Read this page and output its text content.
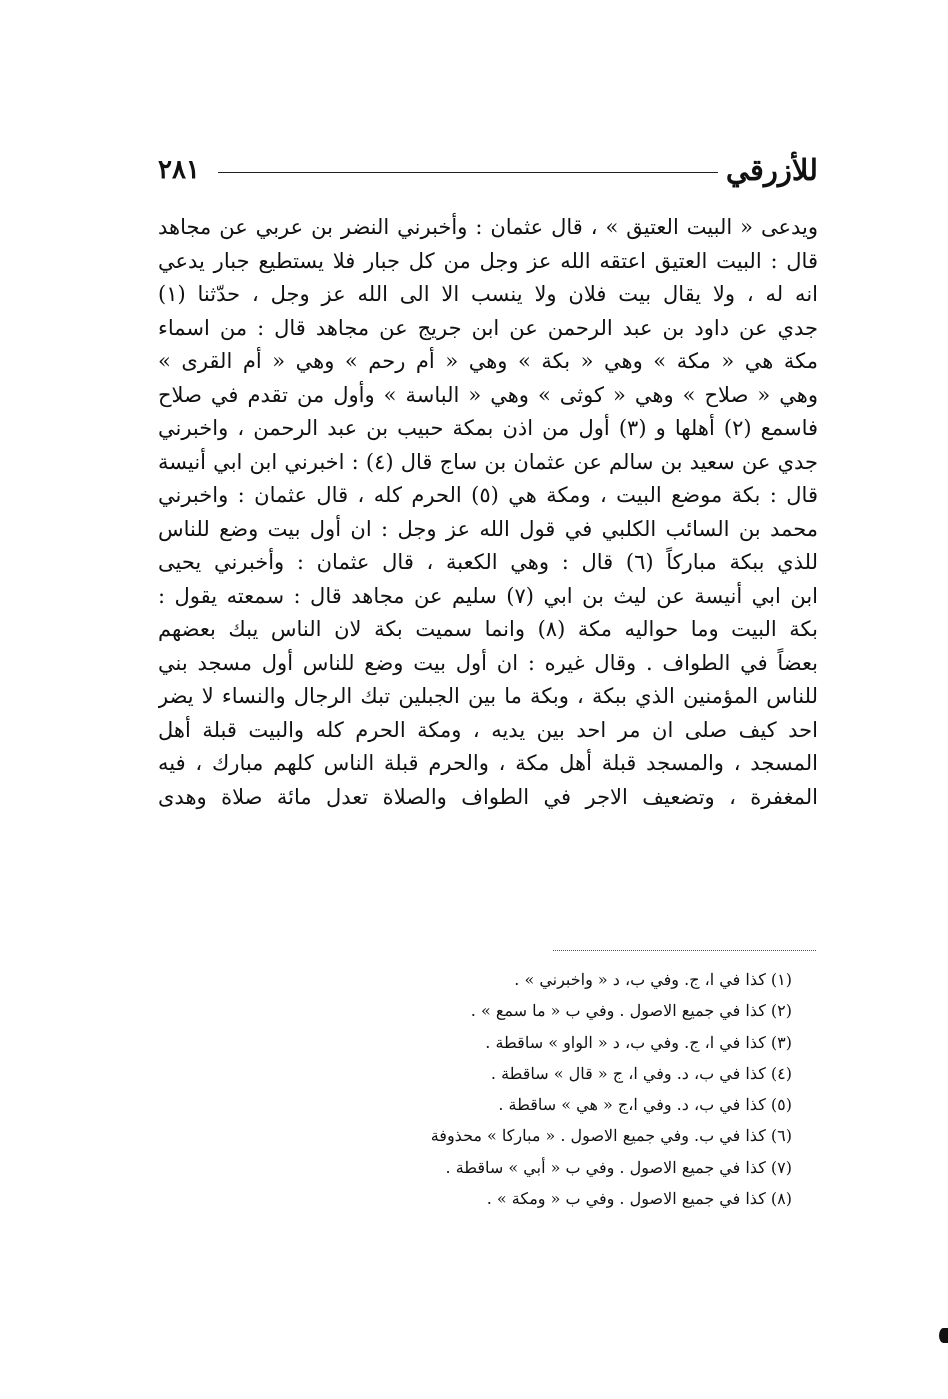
٢٨١	للأزرقي
ويدعى « البيت العتيق » ، قال عثمان : وأخبرني النضر بن عربي عن مجاهد
قال : البيت العتيق اعتقه الله عز وجل من كل جبار فلا يستطيع جبار يدعي
انه له ، ولا يقال بيت فلان ولا ينسب الا الى الله عز وجل ، حدّثنا (١)
جدي عن داود بن عبد الرحمن عن ابن جريج عن مجاهد قال : من اسماء
مكة هي « مكة » وهي « بكة » وهي « أم رحم » وهي « أم القرى »
وهي « صلاح » وهي « كوثى » وهي « الباسة » وأول من تقدم في صلاح
فاسمع (٢) أهلها و (٣) أول من اذن بمكة حبيب بن عبد الرحمن ، واخبرني
جدي عن سعيد بن سالم عن عثمان بن ساج قال (٤) : اخبرني ابن ابي أنيسة
قال : بكة موضع البيت ، ومكة هي (٥) الحرم كله ، قال عثمان : واخبرني
محمد بن السائب الكلبي في قول الله عز وجل : ان أول بيت وضع للناس
للذي ببكة مباركاً (٦) قال : وهي الكعبة ، قال عثمان : وأخبرني يحيى
ابن ابي أنيسة عن ليث بن ابي (٧) سليم عن مجاهد قال : سمعته يقول :
بكة البيت وما حواليه مكة (٨) وانما سميت بكة لان الناس يبك بعضهم
بعضاً في الطواف . وقال غيره : ان أول بيت وضع للناس أول مسجد بني
للناس المؤمنين الذي ببكة ، وبكة ما بين الجبلين تبك الرجال والنساء لا يضر
احد كيف صلى ان مر احد بين يديه ، ومكة الحرم كله والبيت قبلة أهل
المسجد ، والمسجد قبلة أهل مكة ، والحرم قبلة الناس كلهم مبارك ، فيه
المغفرة ، وتضعيف الاجر في الطواف والصلاة تعدل مائة صلاة وهدى
(١) كذا في ا، ج. وفي ب، د « واخبرني » .
(٢) كذا في جميع الاصول . وفي ب « ما سمع » .
(٣) كذا في ا، ج. وفي ب، د « الواو » ساقطة .
(٤) كذا في ب، د. وفي ا، ج « قال » ساقطة .
(٥) كذا في ب، د. وفي ا،ج « هي » ساقطة .
(٦) كذا في ب. وفي جميع الاصول . « مباركا » محذوفة
(٧) كذا في جميع الاصول . وفي ب « أبي » ساقطة .
(٨) كذا في جميع الاصول . وفي ب « ومكة » .
